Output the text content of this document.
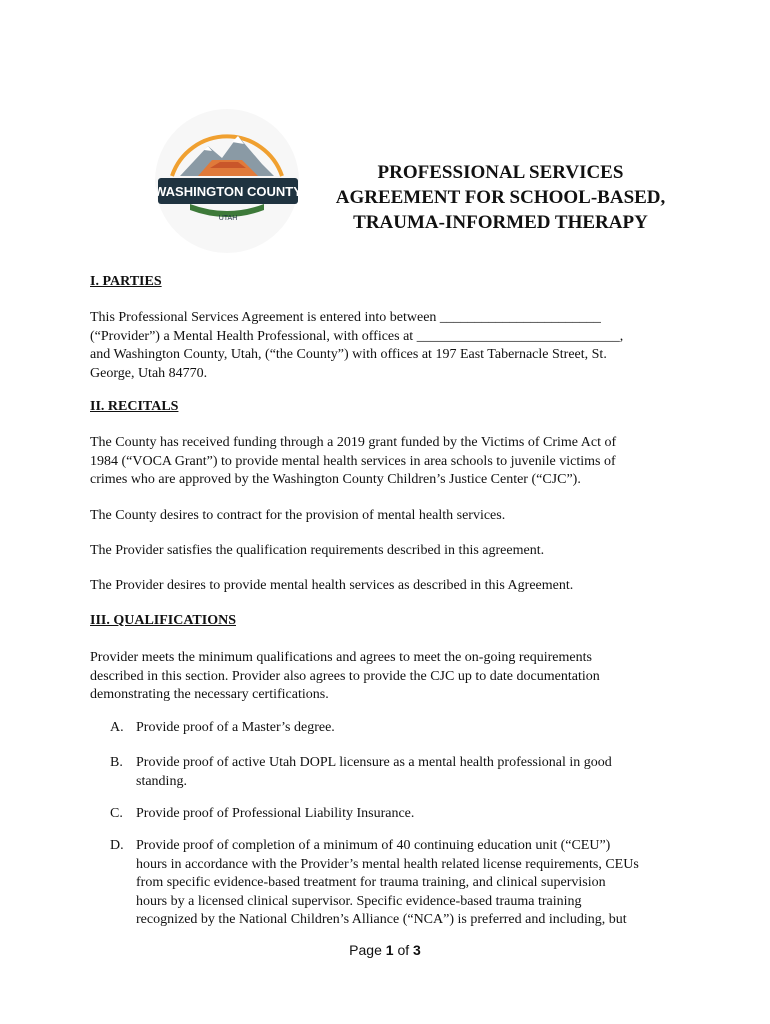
WASHINGTON COUNTY
UTAH
PROFESSIONAL SERVICES
AGREEMENT FOR SCHOOL-BASED,
TRAUMA-INFORMED THERAPY
I. PARTIES
This Professional Services Agreement is entered into between _______________________
(“Provider”) a Mental Health Professional, with offices at _____________________________,
and Washington County, Utah, (“the County”) with offices at 197 East Tabernacle Street, St.
George, Utah 84770.
II. RECITALS
The County has received funding through a 2019 grant funded by the Victims of Crime Act of
1984 (“VOCA Grant”) to provide mental health services in area schools to juvenile victims of
crimes who are approved by the Washington County Children’s Justice Center (“CJC”).
The County desires to contract for the provision of mental health services.
The Provider satisfies the qualification requirements described in this agreement.
The Provider desires to provide mental health services as described in this Agreement.
III. QUALIFICATIONS
Provider meets the minimum qualifications and agrees to meet the on-going requirements
described in this section. Provider also agrees to provide the CJC up to date documentation
demonstrating the necessary certifications.
A. Provide proof of a Master’s degree.
B. Provide proof of active Utah DOPL licensure as a mental health professional in good
standing.
C. Provide proof of Professional Liability Insurance.
D. Provide proof of completion of a minimum of 40 continuing education unit (“CEU”)
hours in accordance with the Provider’s mental health related license requirements, CEUs
from specific evidence-based treatment for trauma training, and clinical supervision
hours by a licensed clinical supervisor. Specific evidence-based trauma training
recognized by the National Children’s Alliance (“NCA”) is preferred and including, but
Page 1 of 3
